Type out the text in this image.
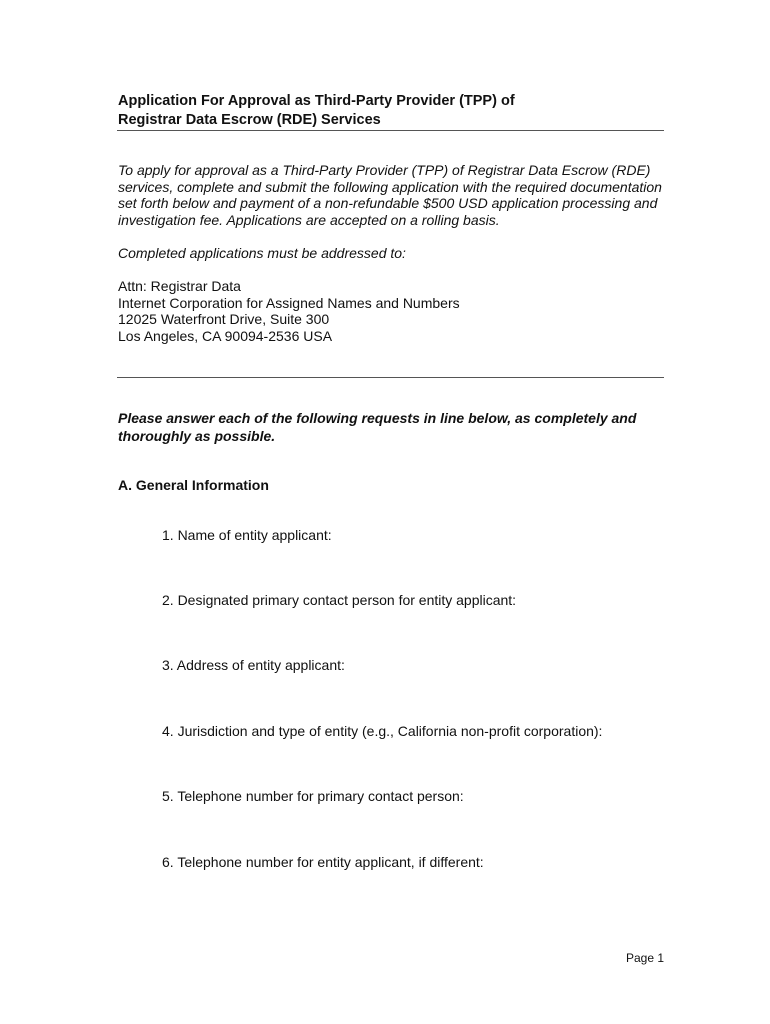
Application For Approval as Third-Party Provider (TPP) of
Registrar Data Escrow (RDE) Services
To apply for approval as a Third-Party Provider (TPP) of Registrar Data Escrow (RDE)
services, complete and submit the following application with the required documentation
set forth below and payment of a non-refundable $500 USD application processing and
investigation fee. Applications are accepted on a rolling basis.
Completed applications must be addressed to:
Attn: Registrar Data
Internet Corporation for Assigned Names and Numbers
12025 Waterfront Drive, Suite 300
Los Angeles, CA 90094-2536 USA
Please answer each of the following requests in line below, as completely and
thoroughly as possible.
A. General Information
1. Name of entity applicant:
2. Designated primary contact person for entity applicant:
3. Address of entity applicant:
4. Jurisdiction and type of entity (e.g., California non-profit corporation):
5. Telephone number for primary contact person:
6. Telephone number for entity applicant, if different:
Page 1
